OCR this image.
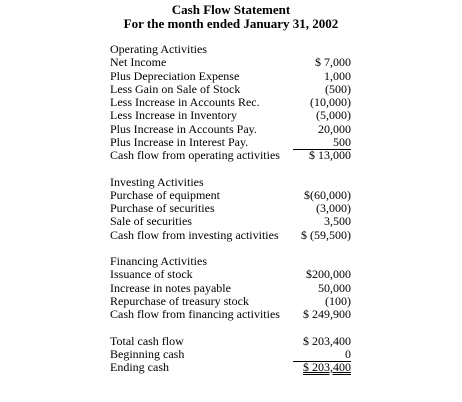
Cash Flow Statement
For the month ended January 31, 2002
Operating Activities
Net Income	$ 7,000
Plus Depreciation Expense	1,000
Less Gain on Sale of Stock	(500)
Less Increase in Accounts Rec.	(10,000)
Less Increase in Inventory	(5,000)
Plus Increase in Accounts Pay.	20,000
Plus Increase in Interest Pay.	500
Cash flow from operating activities $ 13,000
Investing Activities
Purchase of equipment	$(60,000)
Purchase of securities	(3,000)
Sale of securities	3,500
Cash flow from investing activities $ (59,500)
Financing Activities
Issuance of stock	$200,000
Increase in notes payable	50,000
Repurchase of treasury stock	(100)
Cash flow from financing activities $ 249,900
Total cash flow	$ 203,400
Beginning cash	0
Ending cash	$ 203,400
